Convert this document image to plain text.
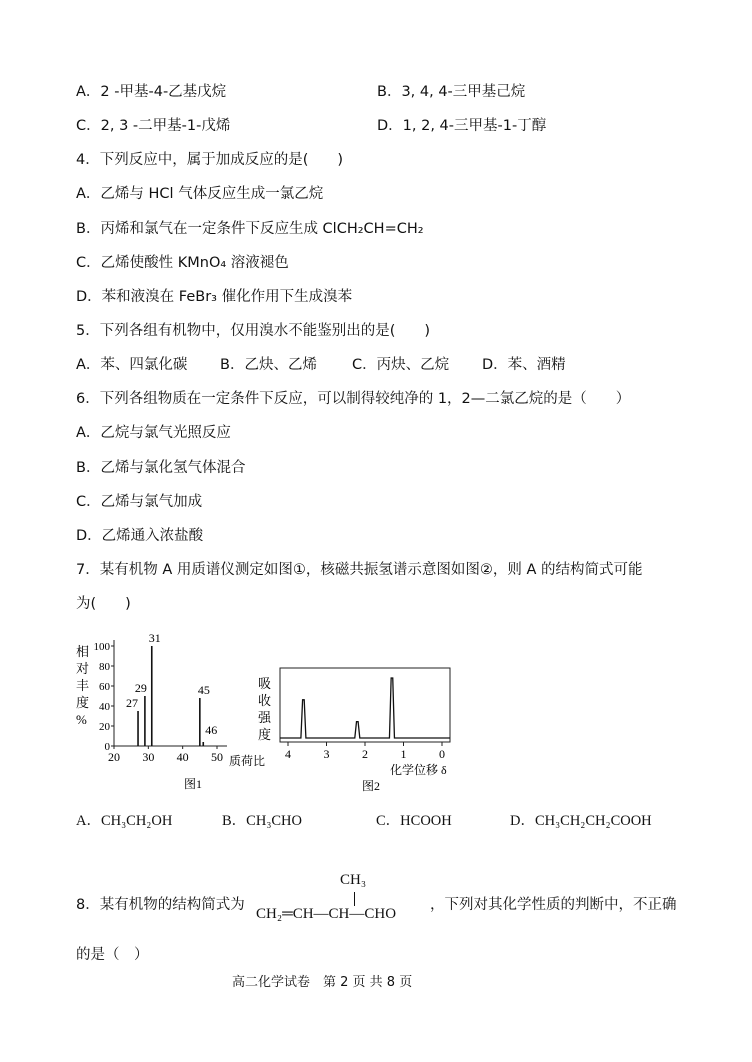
A．2 -甲基-4-乙基戊烷	B．3, 4, 4-三甲基己烷
C．2, 3 -二甲基-1-戊烯	D．1, 2, 4-三甲基-1-丁醇
4．下列反应中，属于加成反应的是(　　)
A．乙烯与 HCl 气体反应生成一氯乙烷
B．丙烯和氯气在一定条件下反应生成 ClCH₂CH=CH₂
C．乙烯使酸性 KMnO₄ 溶液褪色
D．苯和液溴在 FeBr₃ 催化作用下生成溴苯
5．下列各组有机物中，仅用溴水不能鉴别出的是(　　)
A．苯、四氯化碳 B．乙炔、乙烯 C．丙炔、乙烷 D．苯、酒精
6．下列各组物质在一定条件下反应，可以制得较纯净的 1，2—二氯乙烷的是（　　）
A．乙烷与氯气光照反应
B．乙烯与氯化氢气体混合
C．乙烯与氯气加成
D．乙烯通入浓盐酸
7．某有机物 A 用质谱仪测定如图①，核磁共振氢谱示意图如图②，则 A 的结构简式可能
为(　　)
相
对
丰
度
%
100
80
60
40
20
0
20 30 40 50
27
29
31
45
46
质荷比
图1
吸
收
强
度
4	3	2	1	0
化学位移 δ
图2
A．CH₃CH₂OH	B．CH₃CHO	C．HCOOH	D．CH₃CH₂CH₂COOH
8．某有机物的结构简式为
CH₃
CH₂═CH—CH—CHO
，下列对其化学性质的判断中，不正确
的是（　）
高二化学试卷　第 2 页 共 8 页
